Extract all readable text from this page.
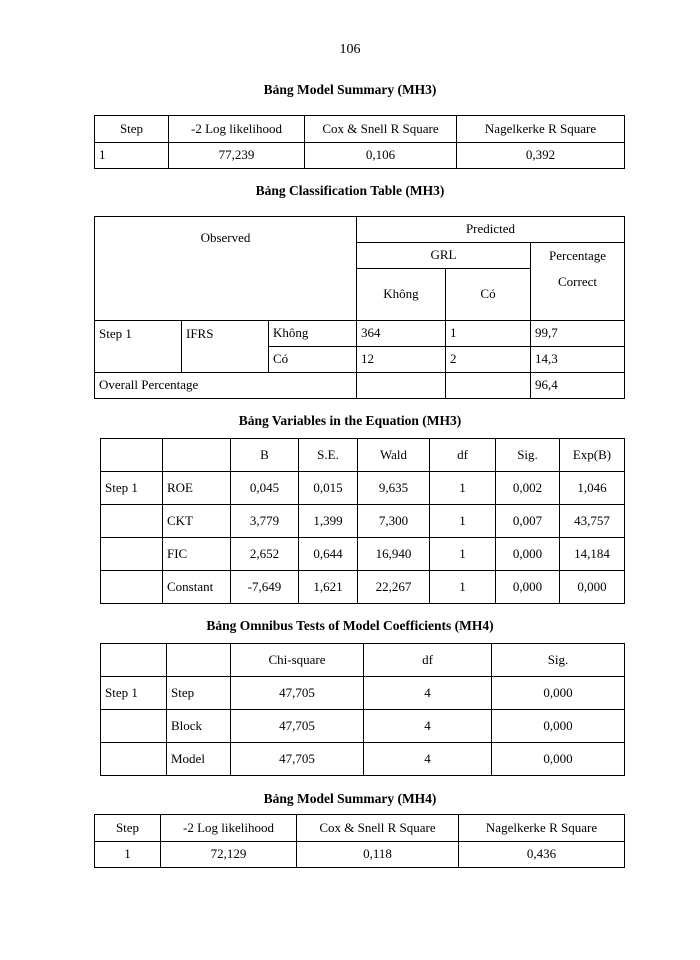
106
Bảng Model Summary (MH3)
Step	-2 Log likelihood	Cox & Snell R Square	Nagelkerke R Square
1	77,239	0,106	0,392
Bảng Classification Table (MH3)
Observed			Predicted		
			GRL		Percentage Correct
			Không	Có	
Step 1	IFRS	Không	364	1	99,7
		Có	12	2	14,3
Overall Percentage					96,4
Bảng Variables in the Equation (MH3)
		B	S.E.	Wald	df	Sig.	Exp(B)
Step 1	ROE	0,045	0,015	9,635	1	0,002	1,046
	CKT	3,779	1,399	7,300	1	0,007	43,757
	FIC	2,652	0,644	16,940	1	0,000	14,184
	Constant	-7,649	1,621	22,267	1	0,000	0,000
Bảng Omnibus Tests of Model Coefficients (MH4)
		Chi-square	df	Sig.
Step 1	Step	47,705	4	0,000
	Block	47,705	4	0,000
	Model	47,705	4	0,000
Bảng Model Summary (MH4)
Step	-2 Log likelihood	Cox & Snell R Square	Nagelkerke R Square
1	72,129	0,118	0,436
